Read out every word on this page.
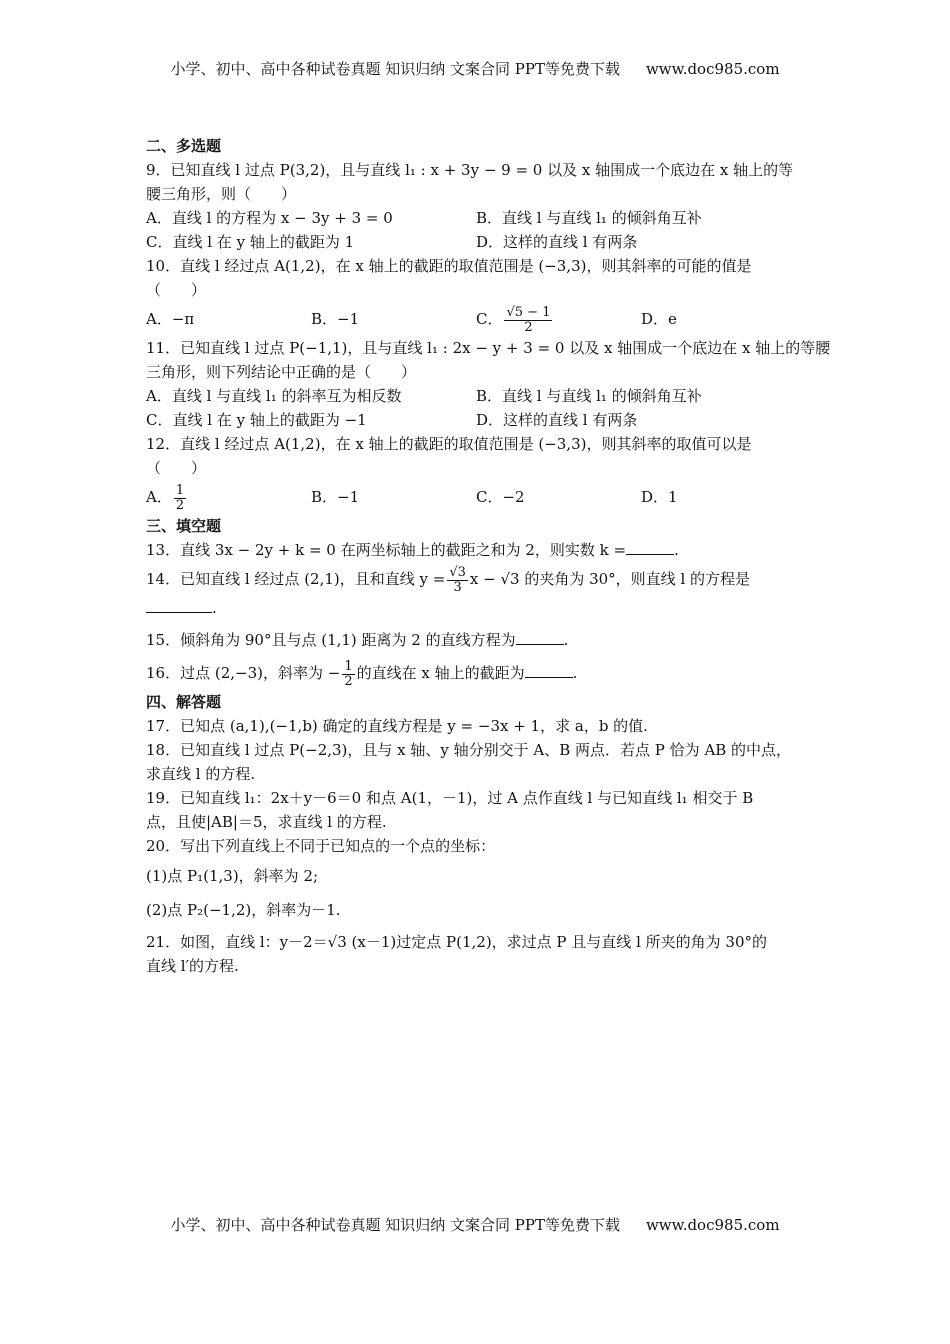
小学、初中、高中各种试卷真题 知识归纳 文案合同 PPT等免费下载 www.doc985.com
二、多选题
9．已知直线 l 过点 P(3,2)，且与直线 l₁ : x + 3y − 9 = 0 以及 x 轴围成一个底边在 x 轴上的等
腰三角形，则（　　）
A．直线 l 的方程为 x − 3y + 3 = 0	B．直线 l 与直线 l₁ 的倾斜角互补
C．直线 l 在 y 轴上的截距为 1	D．这样的直线 l 有两条
10．直线 l 经过点 A(1,2)，在 x 轴上的截距的取值范围是 (−3,3)，则其斜率的可能的值是
（　　）
A．−π	B．−1	C． $\frac{√5 - 1}{2}$	D．e
11．已知直线 l 过点 P(−1,1)，且与直线 l₁ : 2x − y + 3 = 0 以及 x 轴围成一个底边在 x 轴上的等腰
三角形，则下列结论中正确的是（　　）
A．直线 l 与直线 l₁ 的斜率互为相反数	B．直线 l 与直线 l₁ 的倾斜角互补
C．直线 l 在 y 轴上的截距为 −1	D．这样的直线 l 有两条
12．直线 l 经过点 A(1,2)，在 x 轴上的截距的取值范围是 (−3,3)，则其斜率的取值可以是
（　　）
A． $\frac{1}{2}$	B．−1	C．−2	D．1
三、填空题
13．直线 3x − 2y + k = 0 在两坐标轴上的截距之和为 2，则实数 k =	.
14．已知直线 l 经过点 (2,1)，且和直线 $y = \frac{√3}{3}$ x − √3 的夹角为 30°，则直线 l 的方程是
.
15．倾斜角为 90°且与点 (1,1) 距离为 2 的直线方程为	.
16．过点 (2,−3)，斜率为 − $\frac{1}{2}$ 的直线在 x 轴上的截距为	.
四、解答题
17．已知点 (a,1),(−1,b) 确定的直线方程是 y = −3x + 1，求 a，b 的值.
18．已知直线 l 过点 P(−2,3)，且与 x 轴、y 轴分别交于 A、B 两点．若点 P 恰为 AB 的中点，
求直线 l 的方程.
19．已知直线 l₁：2x＋y－6＝0 和点 A(1，－1)，过 A 点作直线 l 与已知直线 l₁ 相交于 B
点，且使|AB|＝5，求直线 l 的方程.
20．写出下列直线上不同于已知点的一个点的坐标：
(1)点 P₁(1,3)，斜率为 2;
(2)点 P₂(−1,2)，斜率为－1.
21．如图，直线 l：y－2＝√3 (x－1)过定点 P(1,2)，求过点 P 且与直线 l 所夹的角为 30°的
直线 l′的方程.
小学、初中、高中各种试卷真题 知识归纳 文案合同 PPT等免费下载 www.doc985.com
